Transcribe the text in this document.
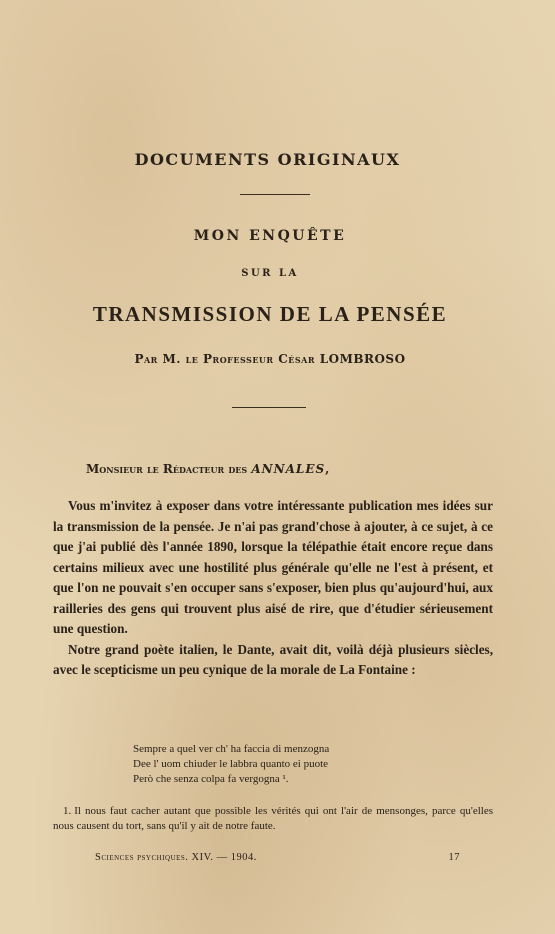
DOCUMENTS ORIGINAUX
MON ENQUÊTE
SUR LA
TRANSMISSION DE LA PENSÉE
Par M. le Professeur César LOMBROSO
Monsieur le Rédacteur des ANNALES,

Vous m'invitez à exposer dans votre intéressante publication mes idées sur la transmission de la pensée. Je n'ai pas grand'chose à ajouter, à ce sujet, à ce que j'ai publié dès l'année 1890, lorsque la télépathie était encore reçue dans certains milieux avec une hostilité plus générale qu'elle ne l'est à présent, et que l'on ne pouvait s'en occuper sans s'exposer, bien plus qu'aujourd'hui, aux railleries des gens qui trouvent plus aisé de rire, que d'étudier sérieusement une question.

Notre grand poète italien, le Dante, avait dit, voilà déjà plusieurs siècles, avec le scepticisme un peu cynique de la morale de La Fontaine :

Sempre a quel ver ch' ha faccia di menzogna
Dee l' uom chiuder le labbra quanto ei puote
Però che senza colpa fa vergogna ¹.
1. Il nous faut cacher autant que possible les vérités qui ont l'air de mensonges, parce qu'elles nous causent du tort, sans qu'il y ait de notre faute.
Sciences psychiques. XIV. — 1904.	17
